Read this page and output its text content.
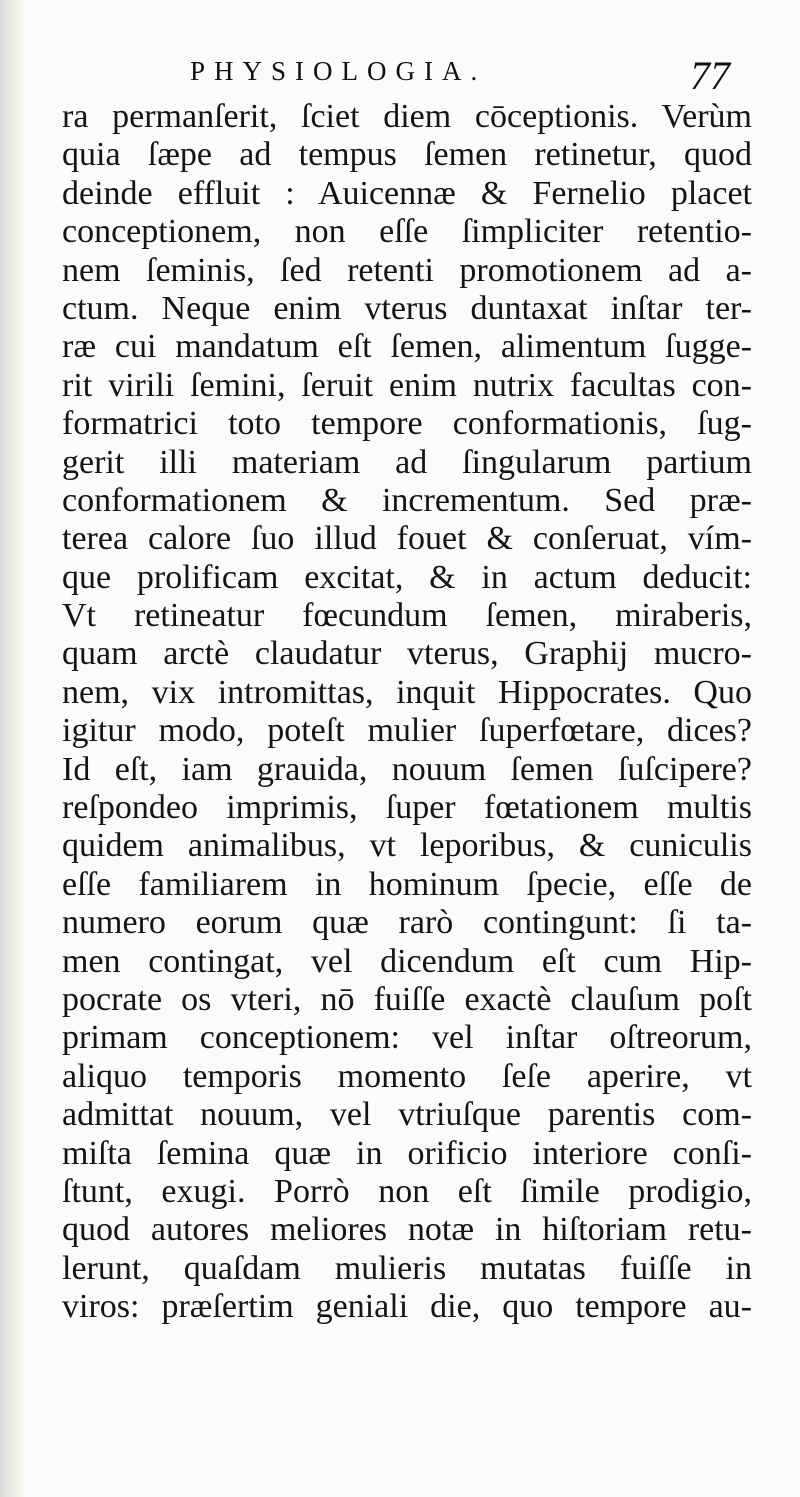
PHYSIOLOGIA.	77
ra permanſerit, ſciet diem cōceptionis. Verùm
quia ſæpe ad tempus ſemen retinetur, quod
deinde effluit : Auicennæ & Fernelio placet
conceptionem, non eſſe ſimpliciter retentio-
nem ſeminis, ſed retenti promotionem ad a-
ctum. Neque enim vterus duntaxat inſtar ter-
ræ cui mandatum eſt ſemen, alimentum ſugge-
rit virili ſemini, ſeruit enim nutrix facultas con-
formatrici toto tempore conformationis, ſug-
gerit illi materiam ad ſingularum partium
conformationem & incrementum. Sed præ-
terea calore ſuo illud fouet & conſeruat, vím-
que prolificam excitat, & in actum deducit:
Vt retineatur fœcundum ſemen, miraberis,
quam arctè claudatur vterus, Graphij mucro-
nem, vix intromittas, inquit Hippocrates. Quo
igitur modo, poteſt mulier ſuperfœtare, dices?
Id eſt, iam grauida, nouum ſemen ſuſcipere?
reſpondeo imprimis, ſuper fœtationem multis
quidem animalibus, vt leporibus, & cuniculis
eſſe familiarem in hominum ſpecie, eſſe de
numero eorum quæ rarò contingunt: ſi ta-
men contingat, vel dicendum eſt cum Hip-
pocrate os vteri, nō fuiſſe exactè clauſum poſt
primam conceptionem: vel inſtar oſtreorum,
aliquo temporis momento ſeſe aperire, vt
admittat nouum, vel vtriuſque parentis com-
miſta ſemina quæ in orificio interiore conſi-
ſtunt, exugi. Porrò non eſt ſimile prodigio,
quod autores meliores notæ in hiſtoriam retu-
lerunt, quaſdam mulieris mutatas fuiſſe in
viros: præſertim geniali die, quo tempore au-
